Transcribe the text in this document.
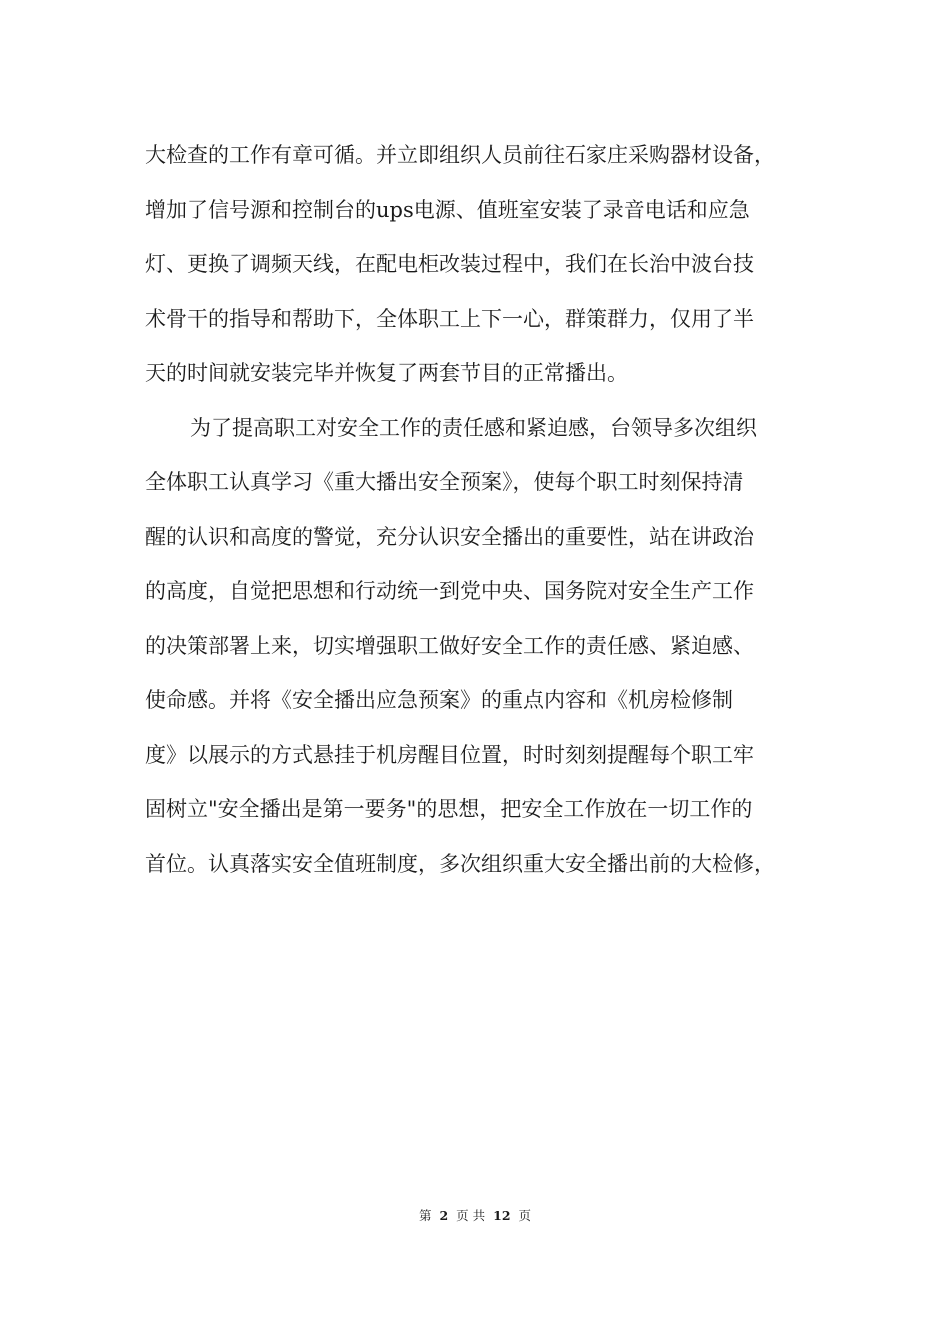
大检查的工作有章可循。并立即组织人员前往石家庄采购器材设备，
增加了信号源和控制台的ups电源、值班室安装了录音电话和应急
灯、更换了调频天线，在配电柜改装过程中，我们在长治中波台技
术骨干的指导和帮助下，全体职工上下一心，群策群力，仅用了半
天的时间就安装完毕并恢复了两套节目的正常播出。
为了提高职工对安全工作的责任感和紧迫感，台领导多次组织
全体职工认真学习《重大播出安全预案》，使每个职工时刻保持清
醒的认识和高度的警觉，充分认识安全播出的重要性，站在讲政治
的高度，自觉把思想和行动统一到党中央、国务院对安全生产工作
的决策部署上来，切实增强职工做好安全工作的责任感、紧迫感、
使命感。并将《安全播出应急预案》的重点内容和《机房检修制
度》以展示的方式悬挂于机房醒目位置，时时刻刻提醒每个职工牢
固树立"安全播出是第一要务"的思想，把安全工作放在一切工作的
首位。认真落实安全值班制度，多次组织重大安全播出前的大检修，
第 2 页 共 12 页
